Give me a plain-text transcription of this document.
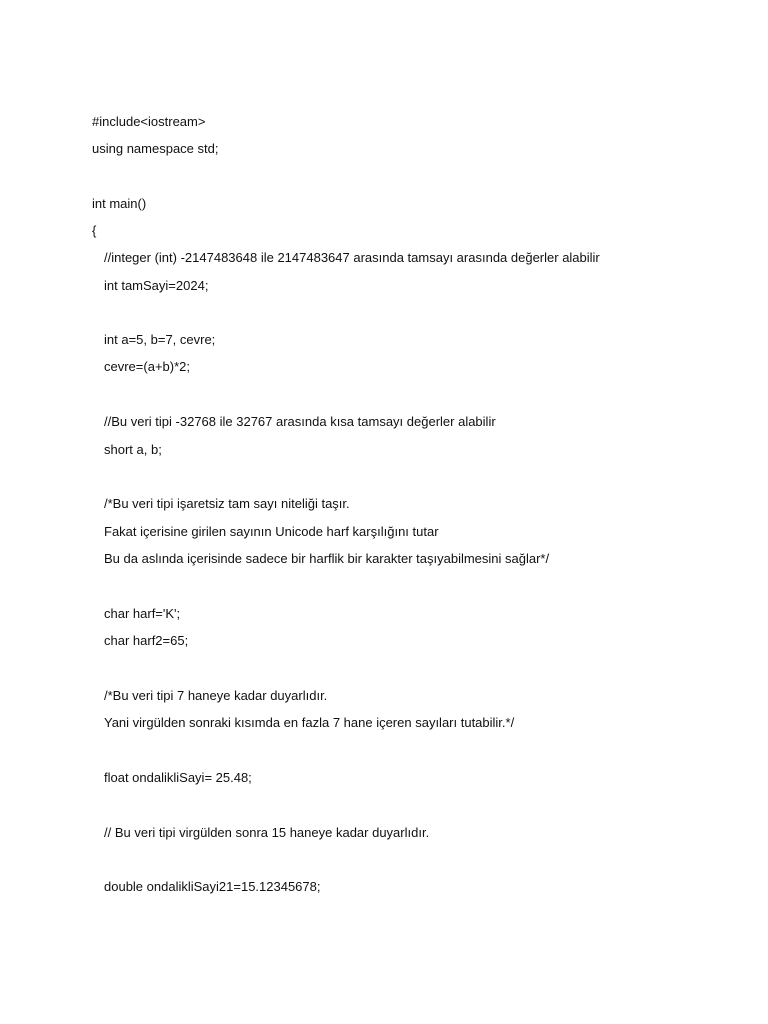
#include<iostream>
using namespace std;
int main()
{
//integer (int) -2147483648 ile 2147483647 arasında tamsayı arasında değerler alabilir
int tamSayi=2024;
int a=5, b=7, cevre;
cevre=(a+b)*2;
//Bu veri tipi -32768 ile 32767 arasında kısa tamsayı değerler alabilir
short a, b;
/*Bu veri tipi işaretsiz tam sayı niteliği taşır.
Fakat içerisine girilen sayının Unicode harf karşılığını tutar
Bu da aslında içerisinde sadece bir harflik bir karakter taşıyabilmesini sağlar*/
char harf='K';
char harf2=65;
/*Bu veri tipi 7 haneye kadar duyarlıdır.
Yani virgülden sonraki kısımda en fazla 7 hane içeren sayıları tutabilir.*/
float ondalikliSayi= 25.48;
// Bu veri tipi virgülden sonra 15 haneye kadar duyarlıdır.
double ondalikliSayi21=15.12345678;
